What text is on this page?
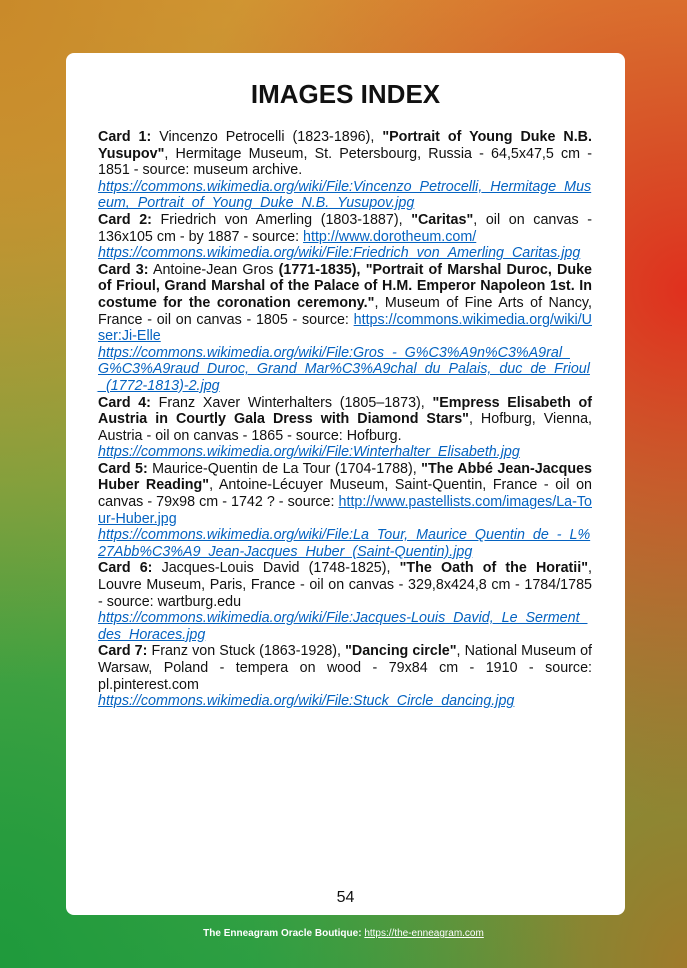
IMAGES INDEX

Card 1: Vincenzo Petrocelli (1823-1896), "Portrait of Young Duke N.B. Yusupov", Hermitage Museum, St. Petersbourg, Russia - 64,5x47,5 cm - 1851 - source: museum archive.
https://commons.wikimedia.org/wiki/File:Vincenzo_Petrocelli,_Hermitage_Museum,_Portrait_of_Young_Duke_N.B._Yusupov.jpg

Card 2: Friedrich von Amerling (1803-1887), "Caritas", oil on canvas - 136x105 cm - by 1887 - source: http://www.dorotheum.com/
https://commons.wikimedia.org/wiki/File:Friedrich_von_Amerling_Caritas.jpg

Card 3: Antoine-Jean Gros (1771-1835), "Portrait of Marshal Duroc, Duke of Frioul, Grand Marshal of the Palace of H.M. Emperor Napoleon 1st. In costume for the coronation ceremony.", Museum of Fine Arts of Nancy, France - oil on canvas - 1805 - source: https://commons.wikimedia.org/wiki/User:Ji-Elle
https://commons.wikimedia.org/wiki/File:Gros_-_G%C3%A9n%C3%A9ral_G%C3%A9raud_Duroc,_Grand_Mar%C3%A9chal_du_Palais,_duc_de_Frioul_(1772-1813)-2.jpg

Card 4: Franz Xaver Winterhalters (1805–1873), "Empress Elisabeth of Austria in Courtly Gala Dress with Diamond Stars", Hofburg, Vienna, Austria - oil on canvas - 1865 - source: Hofburg.
https://commons.wikimedia.org/wiki/File:Winterhalter_Elisabeth.jpg

Card 5: Maurice-Quentin de La Tour (1704-1788), "The Abbé Jean-Jacques Huber Reading", Antoine-Lécuyer Museum, Saint-Quentin, France - oil on canvas - 79x98 cm - 1742 ? - source: http://www.pastellists.com/images/La-Tour-Huber.jpg
https://commons.wikimedia.org/wiki/File:La_Tour,_Maurice_Quentin_de_-_L%27Abb%C3%A9_Jean-Jacques_Huber_(Saint-Quentin).jpg

Card 6: Jacques-Louis David (1748-1825), "The Oath of the Horatii", Louvre Museum, Paris, France - oil on canvas - 329,8x424,8 cm - 1784/1785 - source: wartburg.edu
https://commons.wikimedia.org/wiki/File:Jacques-Louis_David,_Le_Serment_des_Horaces.jpg

Card 7: Franz von Stuck (1863-1928), "Dancing circle", National Museum of Warsaw, Poland - tempera on wood - 79x84 cm - 1910 - source: pl.pinterest.com
https://commons.wikimedia.org/wiki/File:Stuck_Circle_dancing.jpg

54
The Enneagram Oracle Boutique: https://the-enneagram.com
